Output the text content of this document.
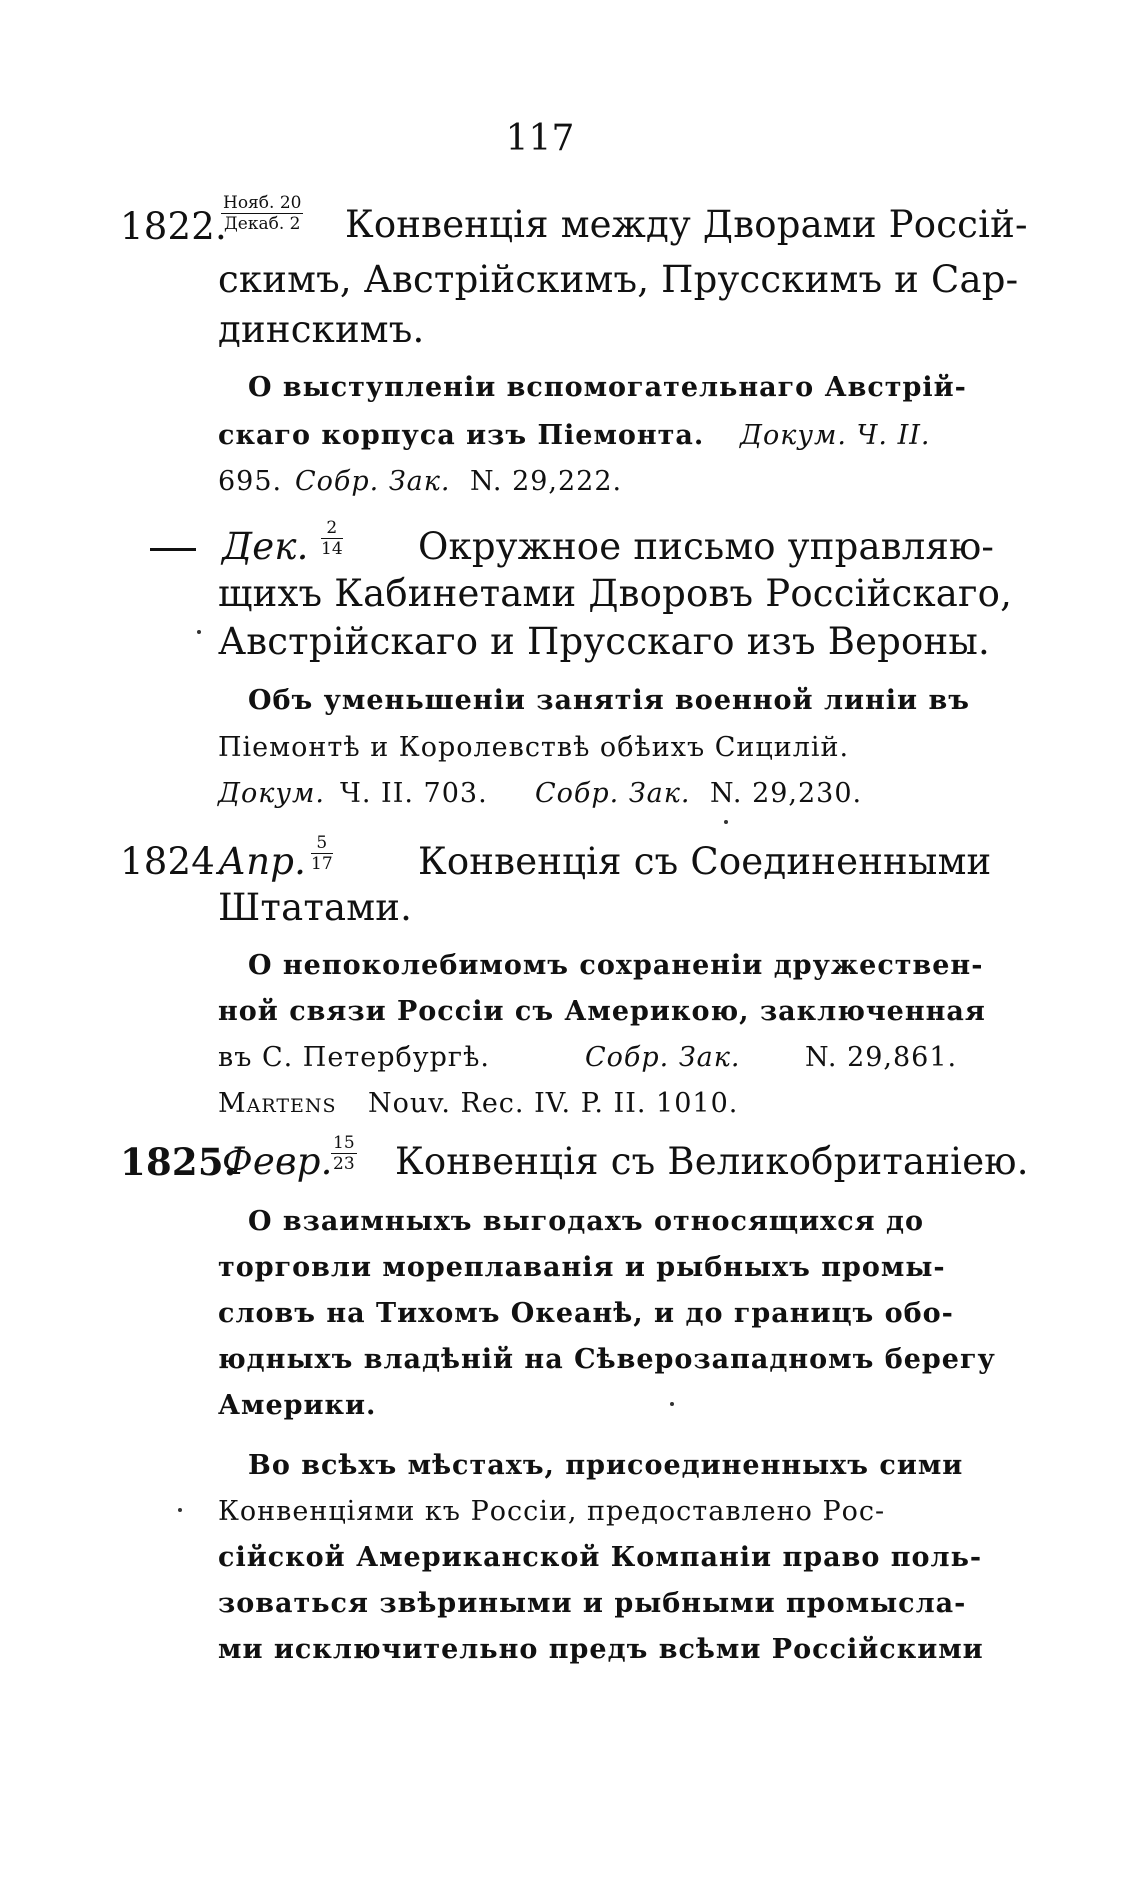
117
1822.
$\frac{\text{Нояб. 20}}{\text{Декаб. 2}}$ Конвенція между Дворами Россій-
скимъ, Австрійскимъ, Прусскимъ и Сар-
динскимъ.
О выступленіи вспомогательнаго Австрій-
скаго корпуса изъ Піемонта. Докум. Ч. II.
695. Собр. Зак. N. 29,222.
Дек. $\frac{2}{14}$ Окружное письмо управляю-
щихъ Кабинетами Дворовъ Россійскаго,
Австрійскаго и Прусскаго изъ Вероны.
Объ уменьшеніи занятія военной линіи въ
Піемонтѣ и Королевствѣ обѣихъ Сицилій.
Докум. Ч. II. 703. Собр. Зак. N. 29,230.
1824.
Апр. $\frac{5}{17}$ Конвенція съ Соединенными
Штатами.
О непоколебимомъ сохраненіи дружествен-
ной связи Россіи съ Америкою, заключенная
въ С. Петербургѣ.	Собр. Зак. N. 29,861.
Martens Nouv. Rec. IV. P. II. 1010.
1825.
Февр.
$\frac{15}{23}$ Конвенція съ Великобританіею.
О взаимныхъ выгодахъ относящихся до
торговли мореплаванія и рыбныхъ промы-
словъ на Тихомъ Океанѣ, и до границъ обо-
юдныхъ владѣній на Сѣверозападномъ берегу
Америки.
Во всѣхъ мѣстахъ, присоединенныхъ сими
Конвенціями къ Россіи, предоставлено Рос-
сійской Американской Компаніи право поль-
зоваться звѣриными и рыбными промысла-
ми исключительно предъ всѣми Россійскими
